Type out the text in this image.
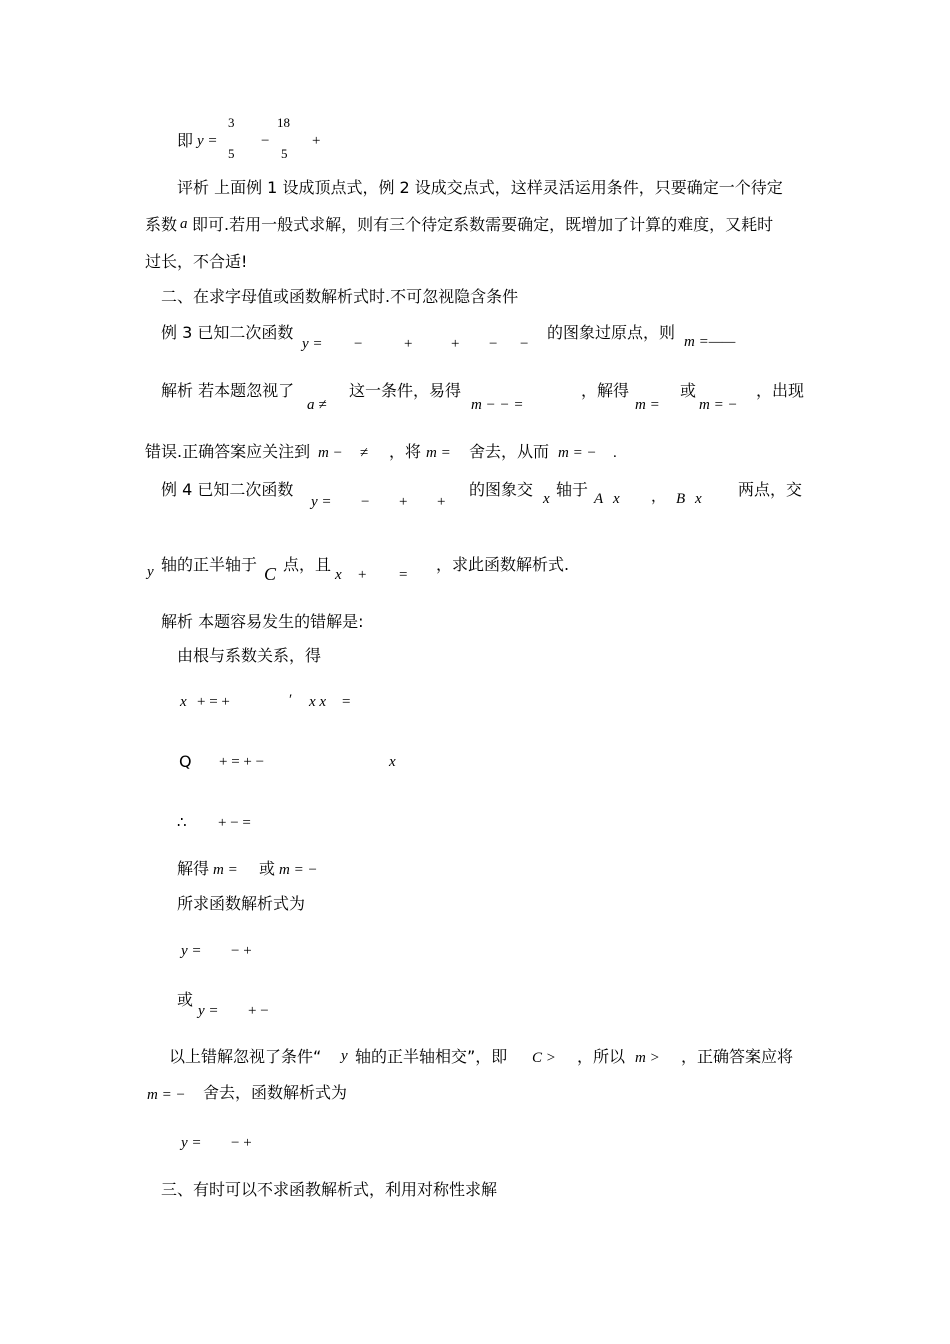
即 y =
3
5
−
18
5
+
评析 上面例 1 设成顶点式，例 2 设成交点式，这样灵活运用条件，只要确定一个待定
系数 a 即可.若用一般式求解，则有三个待定系数需要确定，既增加了计算的难度，又耗时
过长，不合适!
二、在求字母值或函数解析式时.不可忽视隐含条件
例 3 已知二次函数
y = −	+	+ − −
的图象过原点，则 m =——
解析 若本题忽视了
a ≠
这一条件，易得
m − − =
，解得
m =
或
m = −
，出现
错误.正确答案应关注到 m − ≠ ，将 m = 舍去，从而 m = − .
例 4 已知二次函数
y = − + +
的图象交 x 轴于 A x ， B x 两点，交
y 轴的正半轴于 C 点，且
x + =
，求此函数解析式.
解析 本题容易发生的错解是:
由根与系数关系，得
x + = +	′ x x =
Q + = + −	x
∴ + − =
解得 m = 或 m = −
所求函数解析式为
y = − +
或
y = + −
以上错解忽视了条件“ y 轴的正半轴相交”，即 C > ，所以 m > ，正确答案应将
m = − 舍去，函数解析式为
y = − +
三、有时可以不求函教解析式，利用对称性求解
